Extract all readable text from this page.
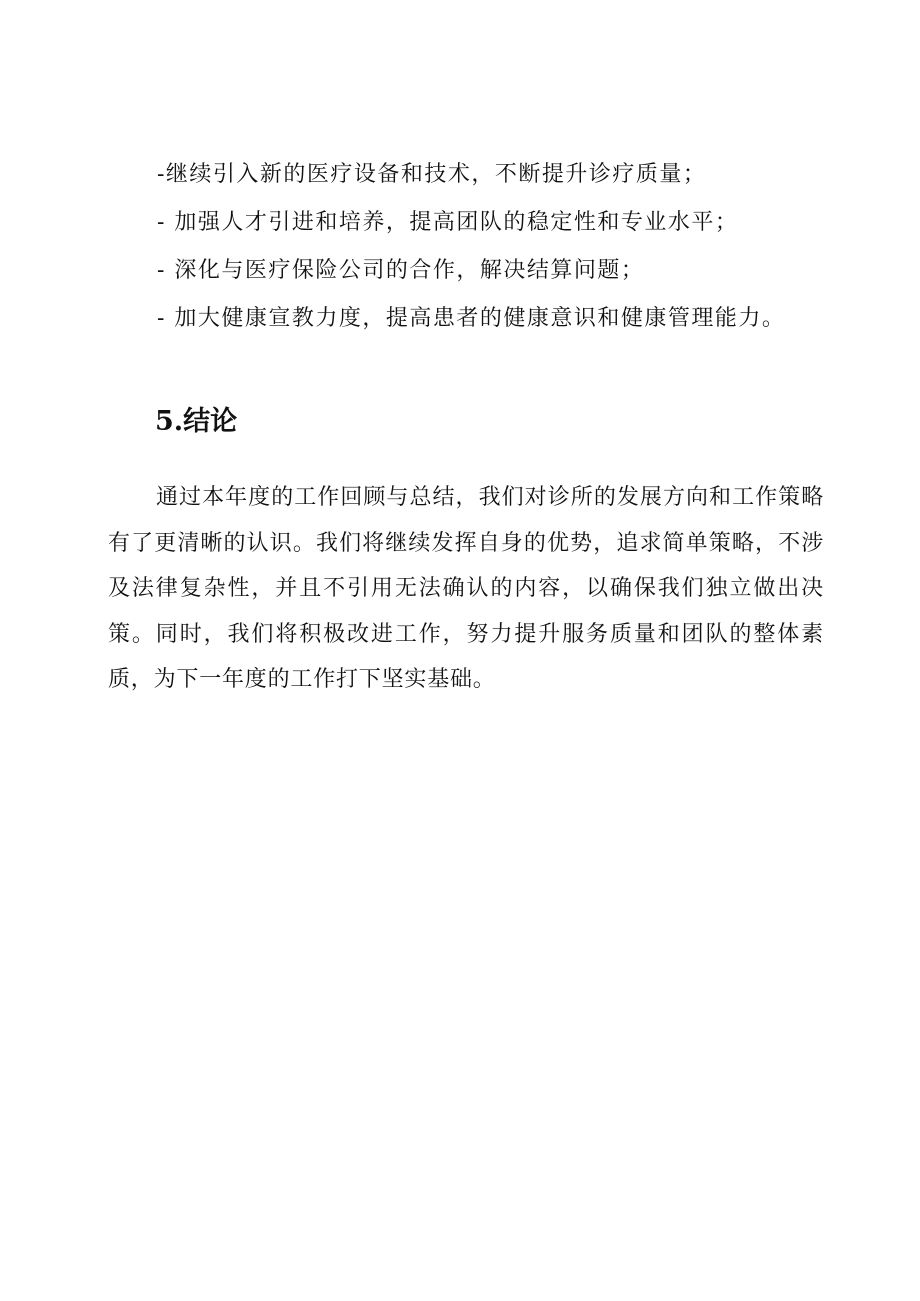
-继续引入新的医疗设备和技术，不断提升诊疗质量；
- 加强人才引进和培养，提高团队的稳定性和专业水平；
- 深化与医疗保险公司的合作，解决结算问题；
- 加大健康宣教力度，提高患者的健康意识和健康管理能力。
5.结论

通过本年度的工作回顾与总结，我们对诊所的发展方向和工作策略有了更清晰的认识。我们将继续发挥自身的优势，追求简单策略，不涉及法律复杂性，并且不引用无法确认的内容，以确保我们独立做出决策。同时，我们将积极改进工作，努力提升服务质量和团队的整体素质，为下一年度的工作打下坚实基础。
